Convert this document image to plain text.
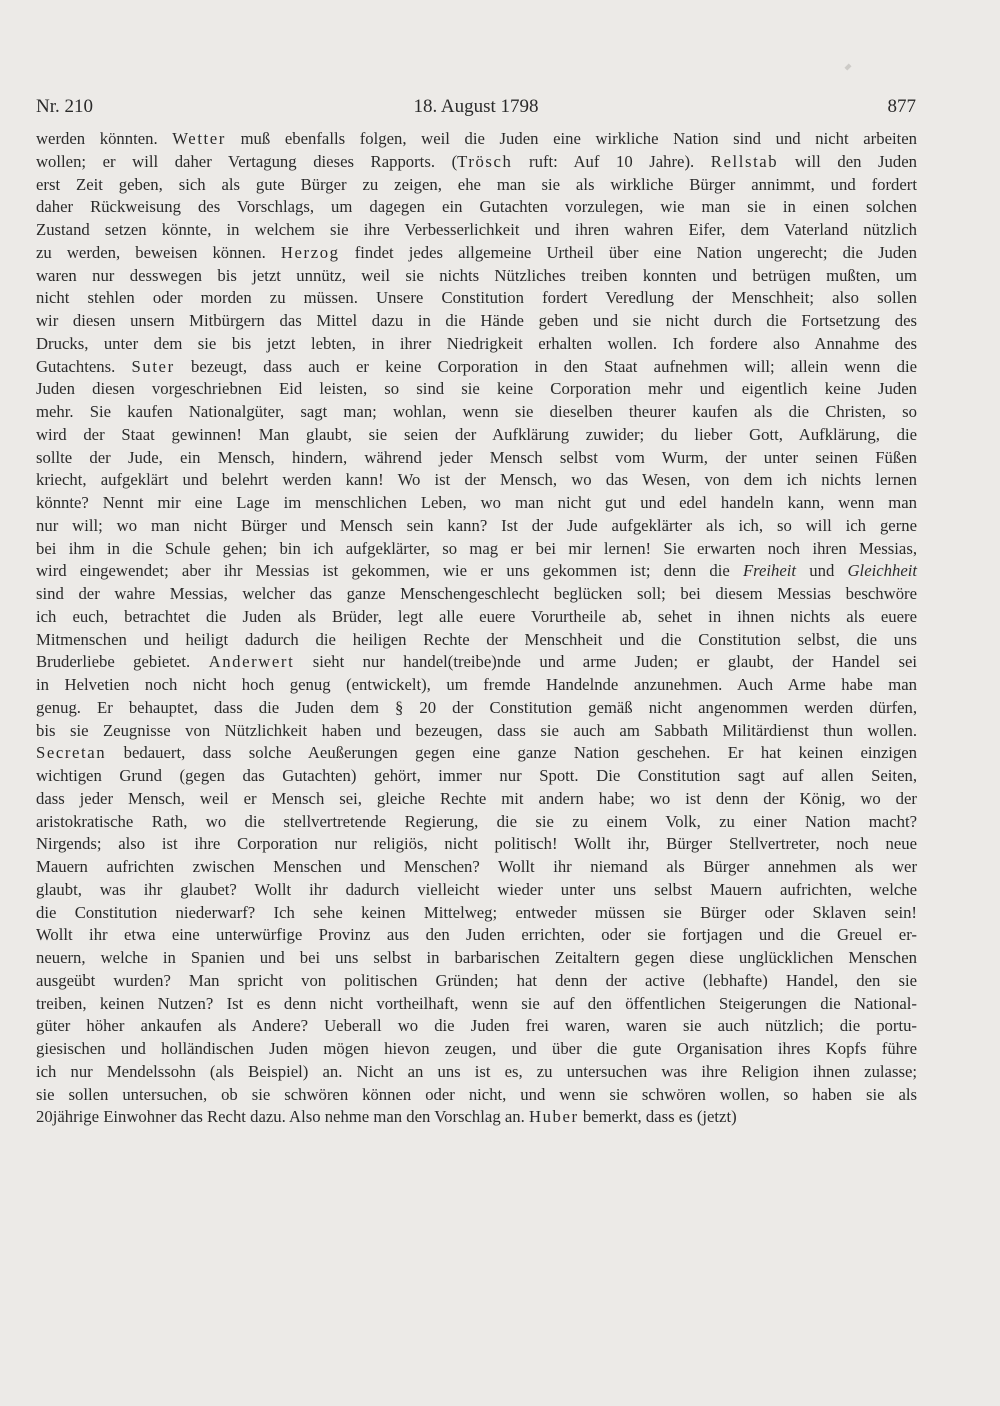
Nr. 210	18. August 1798	877
werden könnten. Wetter muß ebenfalls folgen, weil die Juden eine wirkliche Nation sind und nicht arbeiten
wollen; er will daher Vertagung dieses Rapports. (Trösch ruft: Auf 10 Jahre). Rellstab will den Juden
erst Zeit geben, sich als gute Bürger zu zeigen, ehe man sie als wirkliche Bürger annimmt, und fordert
daher Rückweisung des Vorschlags, um dagegen ein Gutachten vorzulegen, wie man sie in einen solchen
Zustand setzen könnte, in welchem sie ihre Verbesserlichkeit und ihren wahren Eifer, dem Vaterland nützlich
zu werden, beweisen können. Herzog findet jedes allgemeine Urtheil über eine Nation ungerecht; die Juden
waren nur desswegen bis jetzt unnütz, weil sie nichts Nützliches treiben konnten und betrügen mußten, um
nicht stehlen oder morden zu müssen. Unsere Constitution fordert Veredlung der Menschheit; also sollen
wir diesen unsern Mitbürgern das Mittel dazu in die Hände geben und sie nicht durch die Fortsetzung des
Drucks, unter dem sie bis jetzt lebten, in ihrer Niedrigkeit erhalten wollen. Ich fordere also Annahme des
Gutachtens. Suter bezeugt, dass auch er keine Corporation in den Staat aufnehmen will; allein wenn die
Juden diesen vorgeschriebnen Eid leisten, so sind sie keine Corporation mehr und eigentlich keine Juden
mehr. Sie kaufen Nationalgüter, sagt man; wohlan, wenn sie dieselben theurer kaufen als die Christen, so
wird der Staat gewinnen! Man glaubt, sie seien der Aufklärung zuwider; du lieber Gott, Aufklärung, die
sollte der Jude, ein Mensch, hindern, während jeder Mensch selbst vom Wurm, der unter seinen Füßen
kriecht, aufgeklärt und belehrt werden kann! Wo ist der Mensch, wo das Wesen, von dem ich nichts lernen
könnte? Nennt mir eine Lage im menschlichen Leben, wo man nicht gut und edel handeln kann, wenn man
nur will; wo man nicht Bürger und Mensch sein kann? Ist der Jude aufgeklärter als ich, so will ich gerne
bei ihm in die Schule gehen; bin ich aufgeklärter, so mag er bei mir lernen! Sie erwarten noch ihren Messias,
wird eingewendet; aber ihr Messias ist gekommen, wie er uns gekommen ist; denn die Freiheit und Gleichheit
sind der wahre Messias, welcher das ganze Menschengeschlecht beglücken soll; bei diesem Messias beschwöre
ich euch, betrachtet die Juden als Brüder, legt alle euere Vorurtheile ab, sehet in ihnen nichts als euere
Mitmenschen und heiligt dadurch die heiligen Rechte der Menschheit und die Constitution selbst, die uns
Bruderliebe gebietet. Anderwert sieht nur handel(treibe)nde und arme Juden; er glaubt, der Handel sei
in Helvetien noch nicht hoch genug (entwickelt), um fremde Handelnde anzunehmen. Auch Arme habe man
genug. Er behauptet, dass die Juden dem § 20 der Constitution gemäß nicht angenommen werden dürfen,
bis sie Zeugnisse von Nützlichkeit haben und bezeugen, dass sie auch am Sabbath Militärdienst thun wollen.
Secretan bedauert, dass solche Aeußerungen gegen eine ganze Nation geschehen. Er hat keinen einzigen
wichtigen Grund (gegen das Gutachten) gehört, immer nur Spott. Die Constitution sagt auf allen Seiten,
dass jeder Mensch, weil er Mensch sei, gleiche Rechte mit andern habe; wo ist denn der König, wo der
aristokratische Rath, wo die stellvertretende Regierung, die sie zu einem Volk, zu einer Nation macht?
Nirgends; also ist ihre Corporation nur religiös, nicht politisch! Wollt ihr, Bürger Stellvertreter, noch neue
Mauern aufrichten zwischen Menschen und Menschen? Wollt ihr niemand als Bürger annehmen als wer
glaubt, was ihr glaubet? Wollt ihr dadurch vielleicht wieder unter uns selbst Mauern aufrichten, welche
die Constitution niederwarf? Ich sehe keinen Mittelweg; entweder müssen sie Bürger oder Sklaven sein!
Wollt ihr etwa eine unterwürfige Provinz aus den Juden errichten, oder sie fortjagen und die Greuel er-
neuern, welche in Spanien und bei uns selbst in barbarischen Zeitaltern gegen diese unglücklichen Menschen
ausgeübt wurden? Man spricht von politischen Gründen; hat denn der active (lebhafte) Handel, den sie
treiben, keinen Nutzen? Ist es denn nicht vortheilhaft, wenn sie auf den öffentlichen Steigerungen die National-
güter höher ankaufen als Andere? Ueberall wo die Juden frei waren, waren sie auch nützlich; die portu-
giesischen und holländischen Juden mögen hievon zeugen, und über die gute Organisation ihres Kopfs führe
ich nur Mendelssohn (als Beispiel) an. Nicht an uns ist es, zu untersuchen was ihre Religion ihnen zulasse;
sie sollen untersuchen, ob sie schwören können oder nicht, und wenn sie schwören wollen, so haben sie als
20jährige Einwohner das Recht dazu. Also nehme man den Vorschlag an. Huber bemerkt, dass es (jetzt)
